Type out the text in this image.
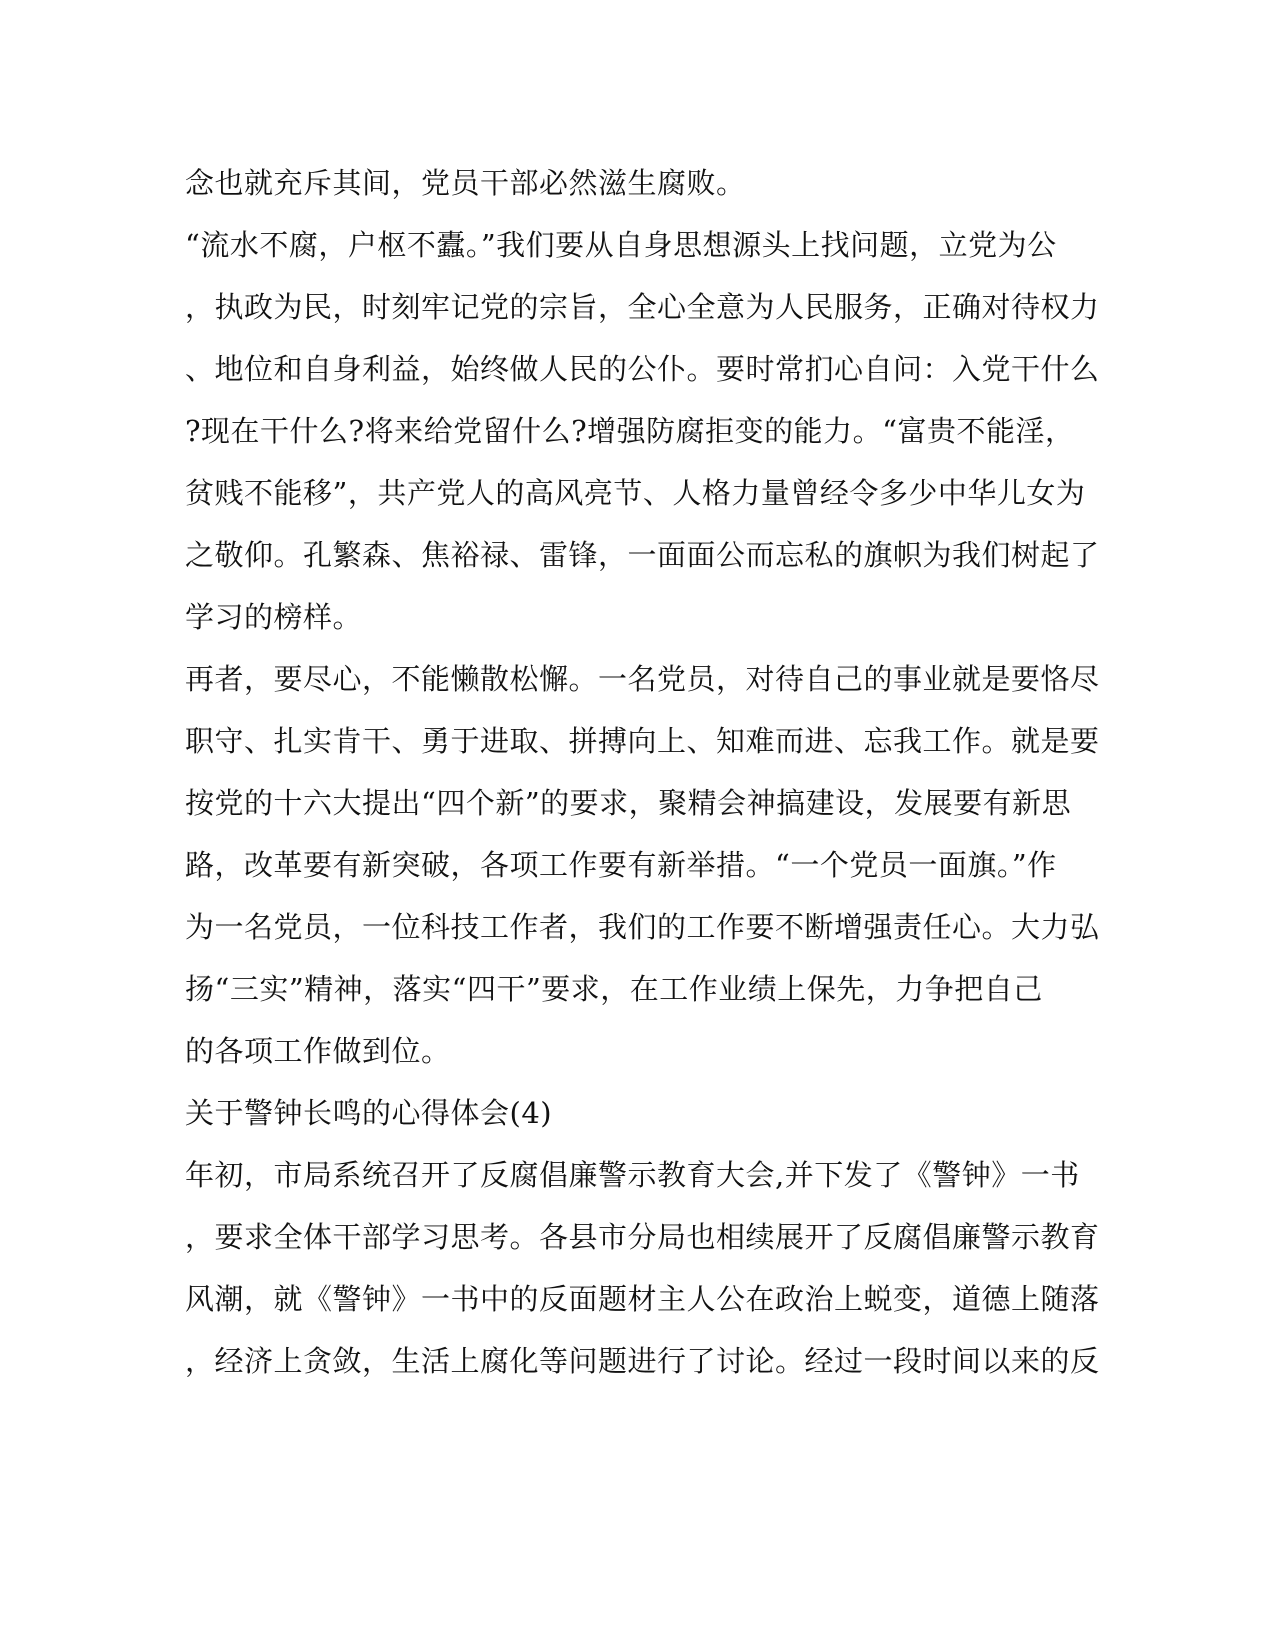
念也就充斥其间，党员干部必然滋生腐败。
“流水不腐，户枢不蠹。”我们要从自身思想源头上找问题，立党为公
，执政为民，时刻牢记党的宗旨，全心全意为人民服务，正确对待权力
、地位和自身利益，始终做人民的公仆。要时常扪心自问：入党干什么
?现在干什么?将来给党留什么?增强防腐拒变的能力。“富贵不能淫，
贫贱不能移”，共产党人的高风亮节、人格力量曾经令多少中华儿女为
之敬仰。孔繁森、焦裕禄、雷锋，一面面公而忘私的旗帜为我们树起了
学习的榜样。
再者，要尽心，不能懒散松懈。一名党员，对待自己的事业就是要恪尽
职守、扎实肯干、勇于进取、拼搏向上、知难而进、忘我工作。就是要
按党的十六大提出“四个新”的要求，聚精会神搞建设，发展要有新思
路，改革要有新突破，各项工作要有新举措。“一个党员一面旗。”作
为一名党员，一位科技工作者，我们的工作要不断增强责任心。大力弘
扬“三实”精神，落实“四干”要求，在工作业绩上保先，力争把自己
的各项工作做到位。
关于警钟长鸣的心得体会(4)
年初，市局系统召开了反腐倡廉警示教育大会,并下发了《警钟》一书
，要求全体干部学习思考。各县市分局也相续展开了反腐倡廉警示教育
风潮，就《警钟》一书中的反面题材主人公在政治上蜕变，道德上随落
，经济上贪敛，生活上腐化等问题进行了讨论。经过一段时间以来的反
